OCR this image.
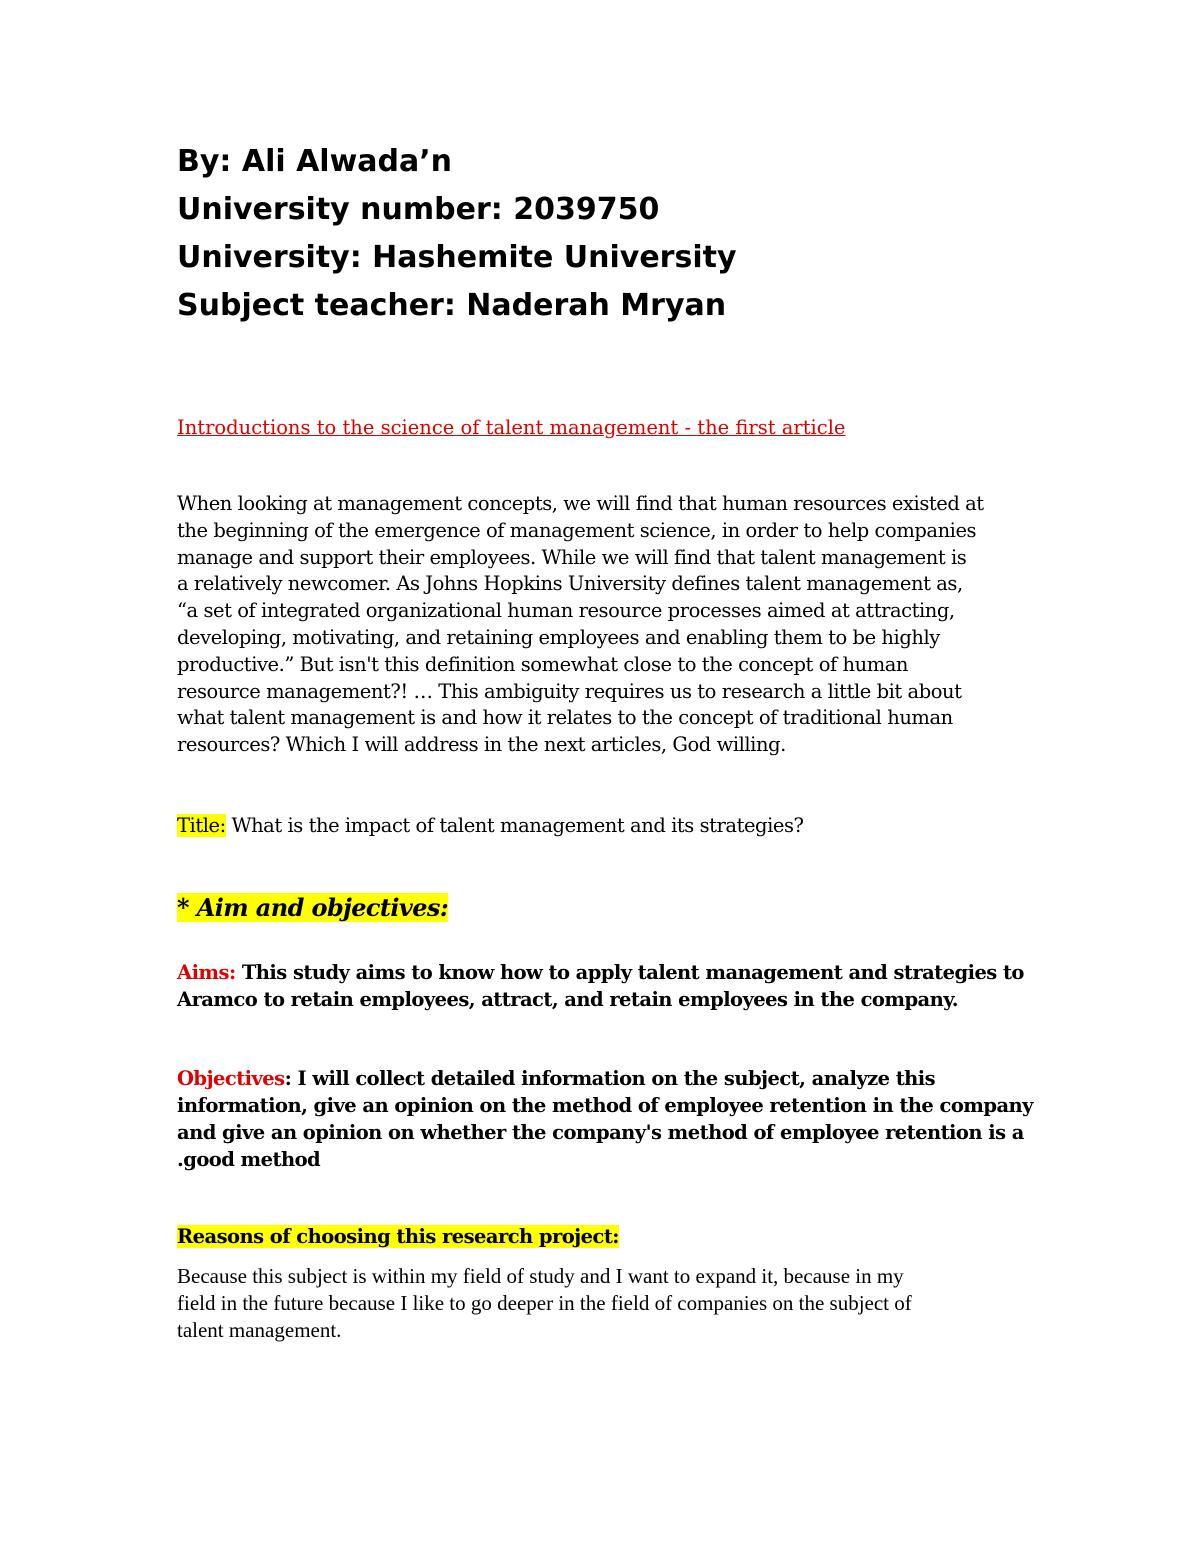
By: Ali Alwada’n
University number: 2039750
University: Hashemite University
Subject teacher: Naderah Mryan
Introductions to the science of talent management - the first article
When looking at management concepts, we will find that human resources existed at
the beginning of the emergence of management science, in order to help companies
manage and support their employees. While we will find that talent management is
a relatively newcomer. As Johns Hopkins University defines talent management as,
“a set of integrated organizational human resource processes aimed at attracting,
developing, motivating, and retaining employees and enabling them to be highly
productive.” But isn't this definition somewhat close to the concept of human
resource management?! … This ambiguity requires us to research a little bit about
what talent management is and how it relates to the concept of traditional human
resources? Which I will address in the next articles, God willing.
Title: What is the impact of talent management and its strategies?
* Aim and objectives:
Aims: This study aims to know how to apply talent management and strategies to
Aramco to retain employees, attract, and retain employees in the company.
Objectives: I will collect detailed information on the subject, analyze this
information, give an opinion on the method of employee retention in the company
and give an opinion on whether the company's method of employee retention is a
.good method
Reasons of choosing this research project:
Because this subject is within my field of study and I want to expand it, because in my
field in the future because I like to go deeper in the field of companies on the subject of
talent management.
